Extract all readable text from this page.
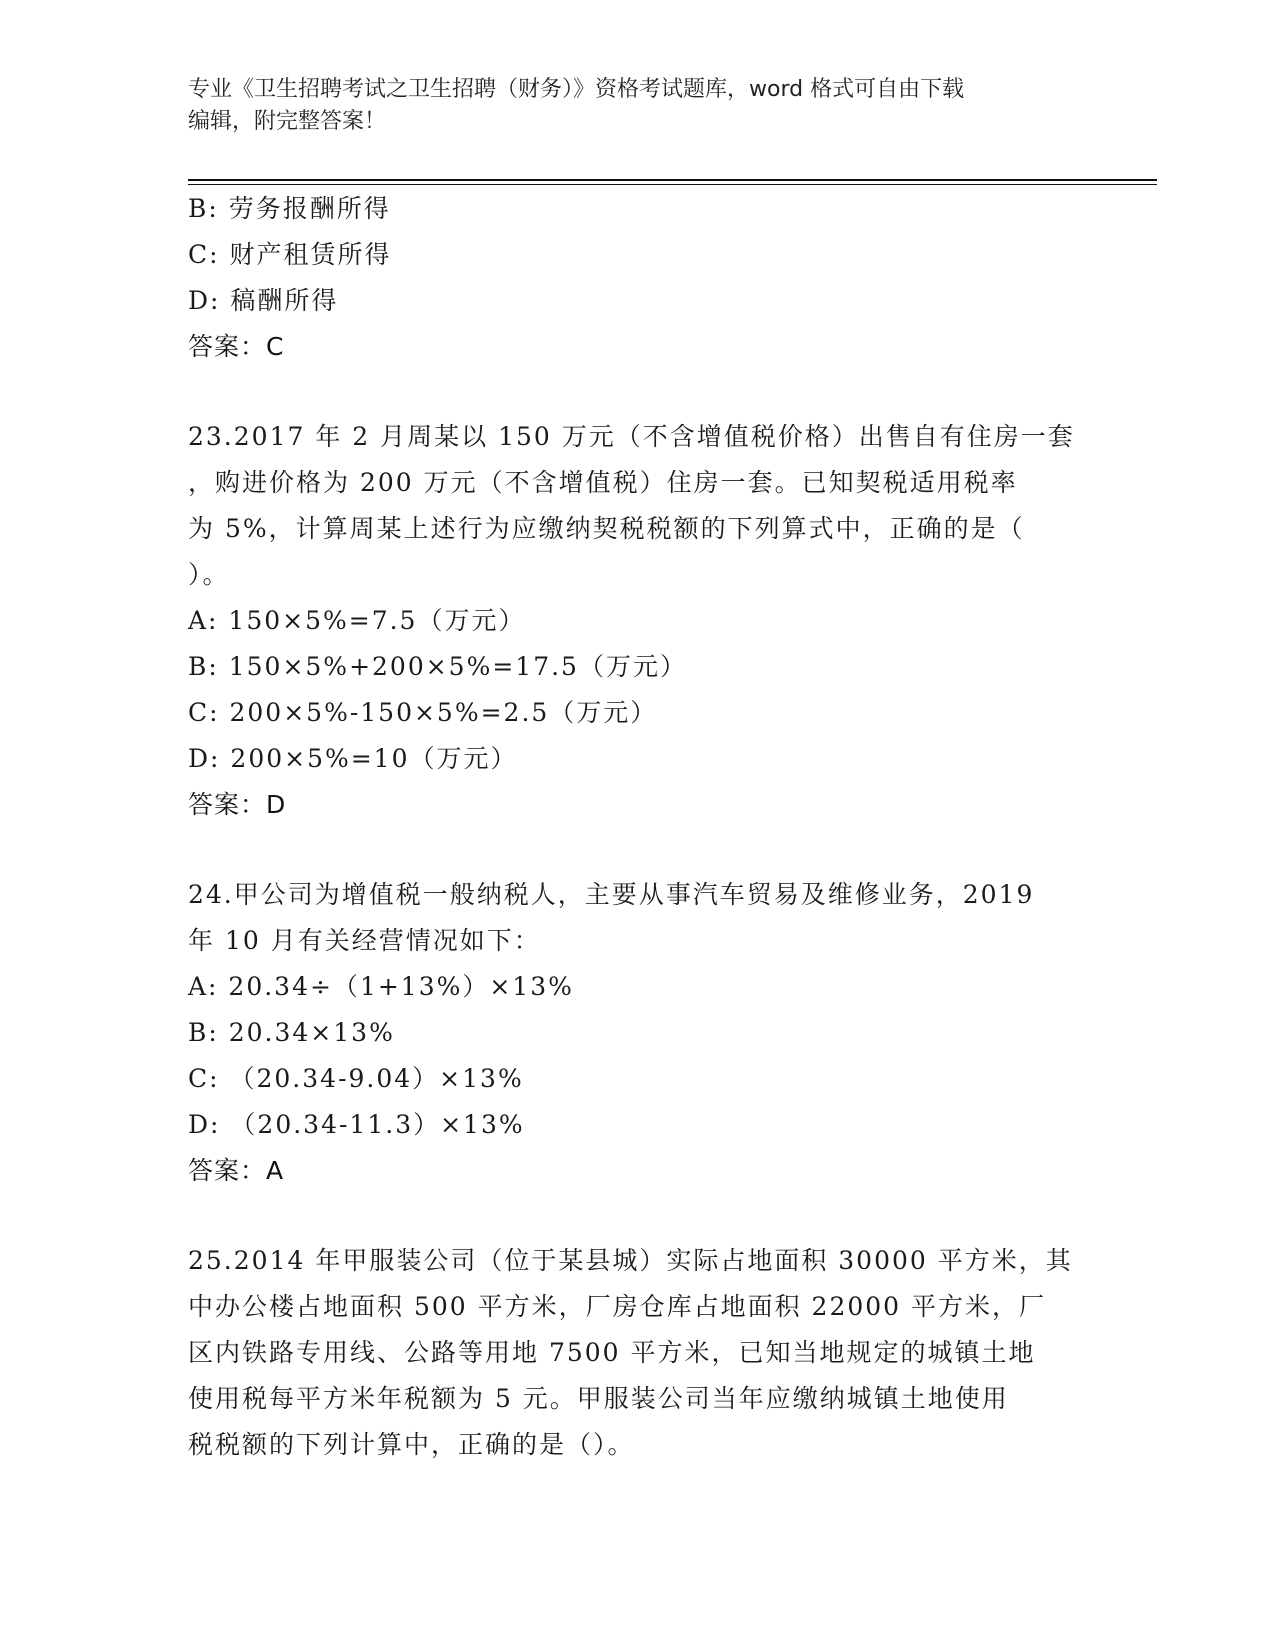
专业《卫生招聘考试之卫生招聘（财务）》资格考试题库，word 格式可自由下载
编辑，附完整答案！
B: 劳务报酬所得
C: 财产租赁所得
D: 稿酬所得
答案：C
23.2017 年 2 月周某以 150 万元（不含增值税价格）出售自有住房一套
，购进价格为 200 万元（不含增值税）住房一套。已知契税适用税率
为 5%，计算周某上述行为应缴纳契税税额的下列算式中，正确的是（
）。
A: 150×5%=7.5（万元）
B: 150×5%+200×5%=17.5（万元）
C: 200×5%-150×5%=2.5（万元）
D: 200×5%=10（万元）
答案：D
24.甲公司为增值税一般纳税人，主要从事汽车贸易及维修业务，2019
年 10 月有关经营情况如下：
A: 20.34÷（1+13%）×13%
B: 20.34×13%
C: （20.34-9.04）×13%
D: （20.34-11.3）×13%
答案：A
25.2014 年甲服装公司（位于某县城）实际占地面积 30000 平方米，其
中办公楼占地面积 500 平方米，厂房仓库占地面积 22000 平方米，厂
区内铁路专用线、公路等用地 7500 平方米，已知当地规定的城镇土地
使用税每平方米年税额为 5 元。甲服装公司当年应缴纳城镇土地使用
税税额的下列计算中，正确的是（）。
